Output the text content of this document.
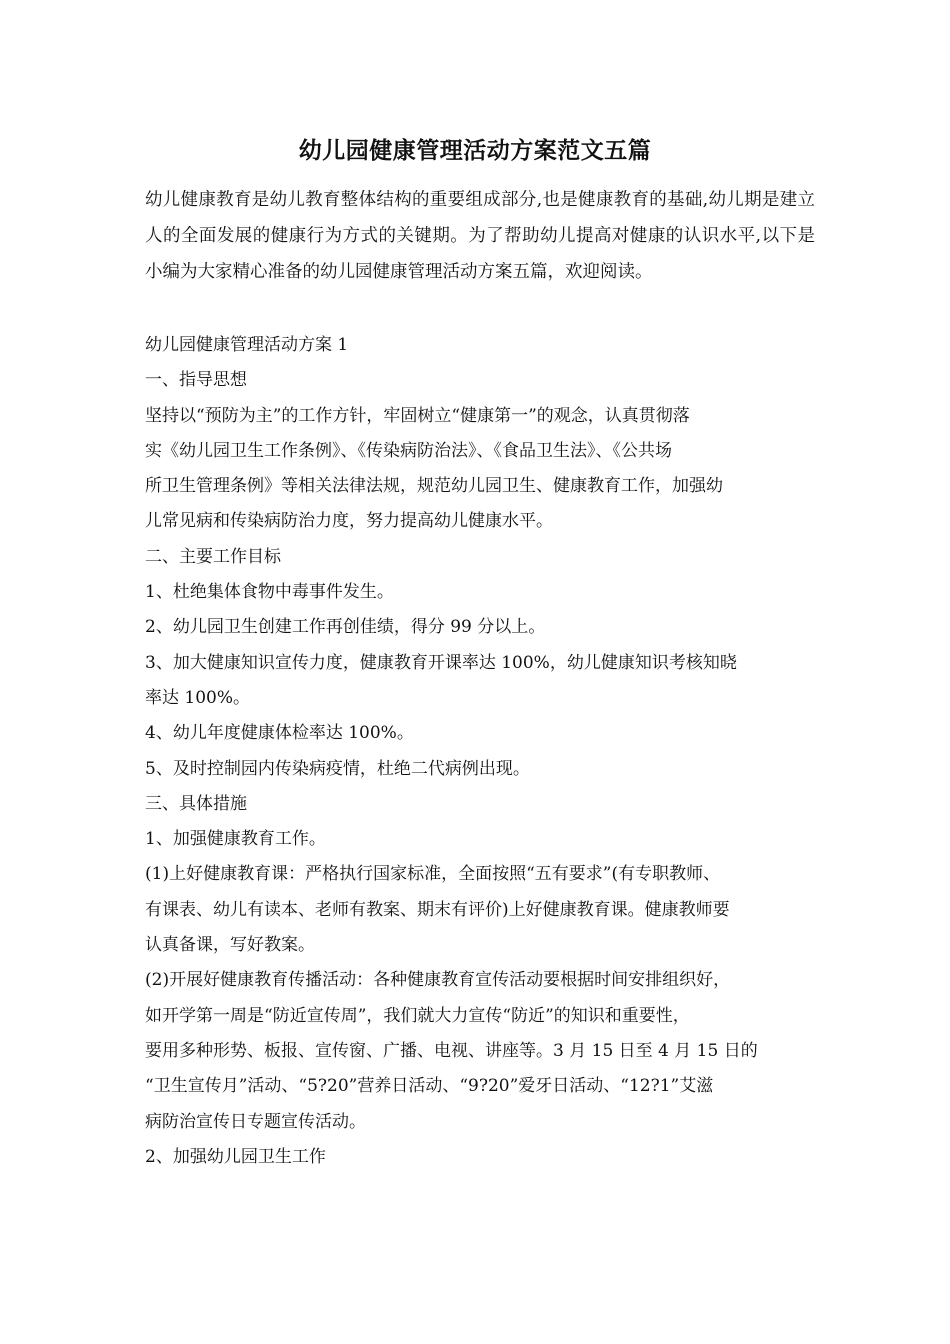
幼儿园健康管理活动方案范文五篇

幼儿健康教育是幼儿教育整体结构的重要组成部分,也是健康教育的基础,幼儿期是建立人的全面发展的健康行为方式的关键期。为了帮助幼儿提高对健康的认识水平,以下是小编为大家精心准备的幼儿园健康管理活动方案五篇，欢迎阅读。

幼儿园健康管理活动方案 1

一、指导思想

坚持以“预防为主”的工作方针，牢固树立“健康第一”的观念，认真贯彻落

实《幼儿园卫生工作条例》、《传染病防治法》、《食品卫生法》、《公共场

所卫生管理条例》等相关法律法规，规范幼儿园卫生、健康教育工作，加强幼

儿常见病和传染病防治力度，努力提高幼儿健康水平。

二、主要工作目标

1、杜绝集体食物中毒事件发生。

2、幼儿园卫生创建工作再创佳绩，得分 99 分以上。

3、加大健康知识宣传力度，健康教育开课率达 100%，幼儿健康知识考核知晓

率达 100%。

4、幼儿年度健康体检率达 100%。

5、及时控制园内传染病疫情，杜绝二代病例出现。

三、具体措施

1、加强健康教育工作。

(1)上好健康教育课：严格执行国家标准，全面按照“五有要求”(有专职教师、

有课表、幼儿有读本、老师有教案、期末有评价)上好健康教育课。健康教师要

认真备课，写好教案。

(2)开展好健康教育传播活动：各种健康教育宣传活动要根据时间安排组织好，

如开学第一周是“防近宣传周”，我们就大力宣传“防近”的知识和重要性，

要用多种形势、板报、宣传窗、广播、电视、讲座等。3 月 15 日至 4 月 15 日的

“卫生宣传月”活动、“5?20”营养日活动、“9?20”爱牙日活动、“12?1”艾滋

病防治宣传日专题宣传活动。

2、加强幼儿园卫生工作
